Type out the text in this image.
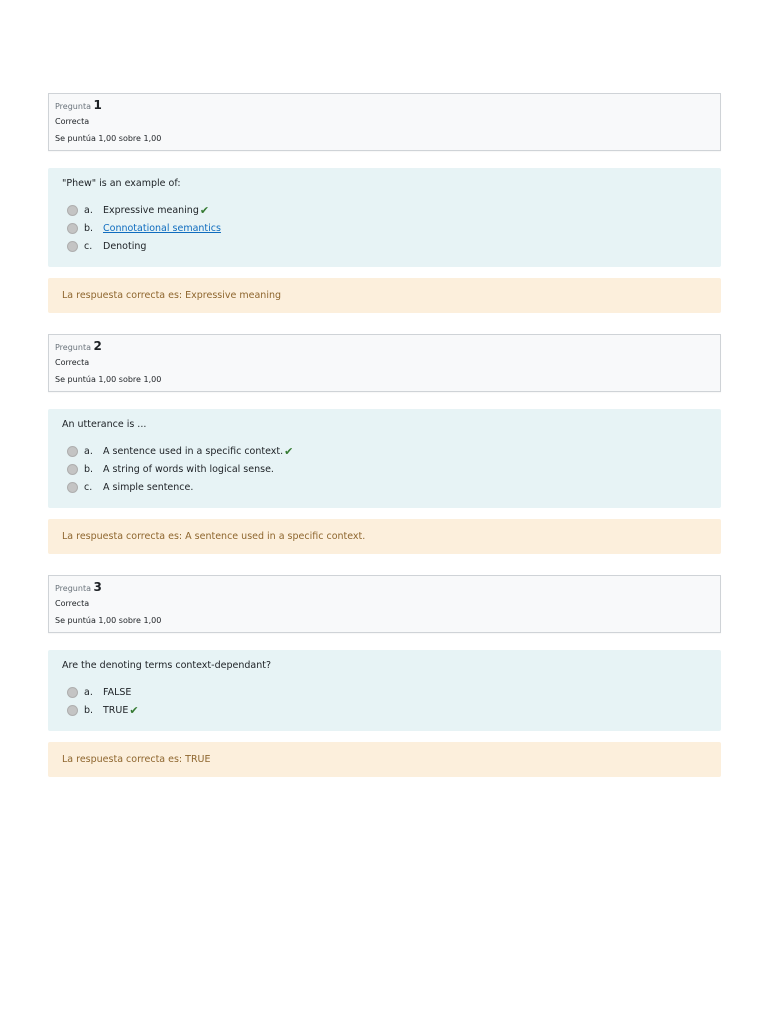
Pregunta 1
Correcta
Se puntúa 1,00 sobre 1,00
"Phew" is an example of:
a.	Expressive meaning ✔
b.	Connotational semantics
c.	Denoting
La respuesta correcta es: Expressive meaning
Pregunta 2
Correcta
Se puntúa 1,00 sobre 1,00
An utterance is ...
a.	A sentence used in a specific context. ✔
b.	A string of words with logical sense.
c.	A simple sentence.
La respuesta correcta es: A sentence used in a specific context.
Pregunta 3
Correcta
Se puntúa 1,00 sobre 1,00
Are the denoting terms context-dependant?
a.	FALSE
b.	TRUE ✔
La respuesta correcta es: TRUE
